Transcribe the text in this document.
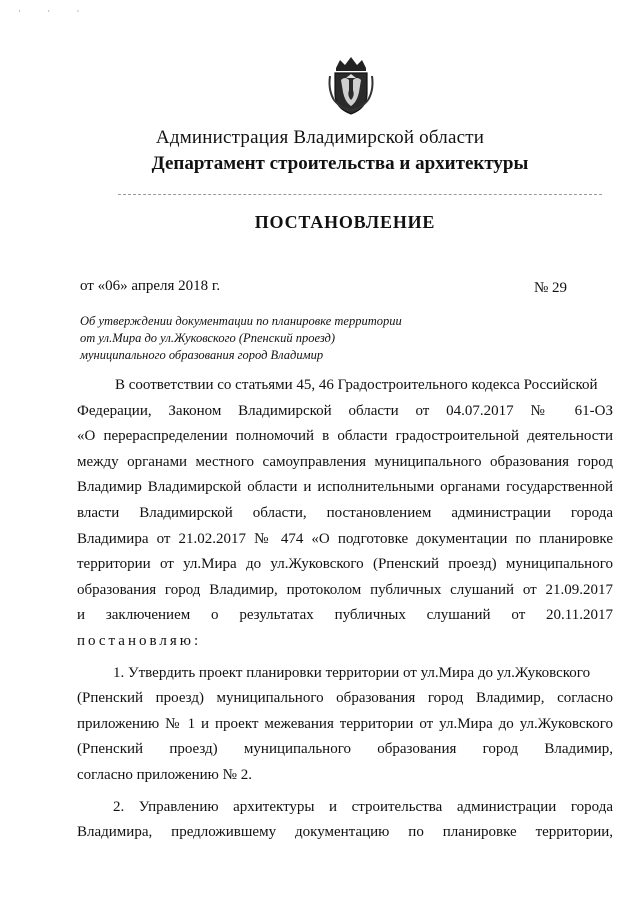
· · ·
Администрация Владимирской области
Департамент строительства и архитектуры
ПОСТАНОВЛЕНИЕ
от «06» апреля 2018 г.	№ 29
Об утверждении документации по планировке территории
от ул.Мира до ул.Жуковского (Рпенский проезд)
муниципального образования город Владимир
В соответствии со статьями 45, 46 Градостроительного кодекса Российской
Федерации, Законом Владимирской области от 04.07.2017 № 61-ОЗ
«О перераспределении полномочий в области градостроительной деятельности
между органами местного самоуправления муниципального образования город
Владимир Владимирской области и исполнительными органами государственной
власти Владимирской области, постановлением администрации города
Владимира от 21.02.2017 № 474 «О подготовке документации по планировке
территории от ул.Мира до ул.Жуковского (Рпенский проезд) муниципального
образования город Владимир, протоколом публичных слушаний от 21.09.2017
и заключением о результатах публичных слушаний от 20.11.2017
постановляю:
1. Утвердить проект планировки территории от ул.Мира до ул.Жуковского
(Рпенский проезд) муниципального образования город Владимир, согласно
приложению № 1 и проект межевания территории от ул.Мира до ул.Жуковского
(Рпенский проезд) муниципального образования город Владимир,
согласно приложению № 2.
2. Управлению архитектуры и строительства администрации города
Владимира, предложившему документацию по планировке территории,
